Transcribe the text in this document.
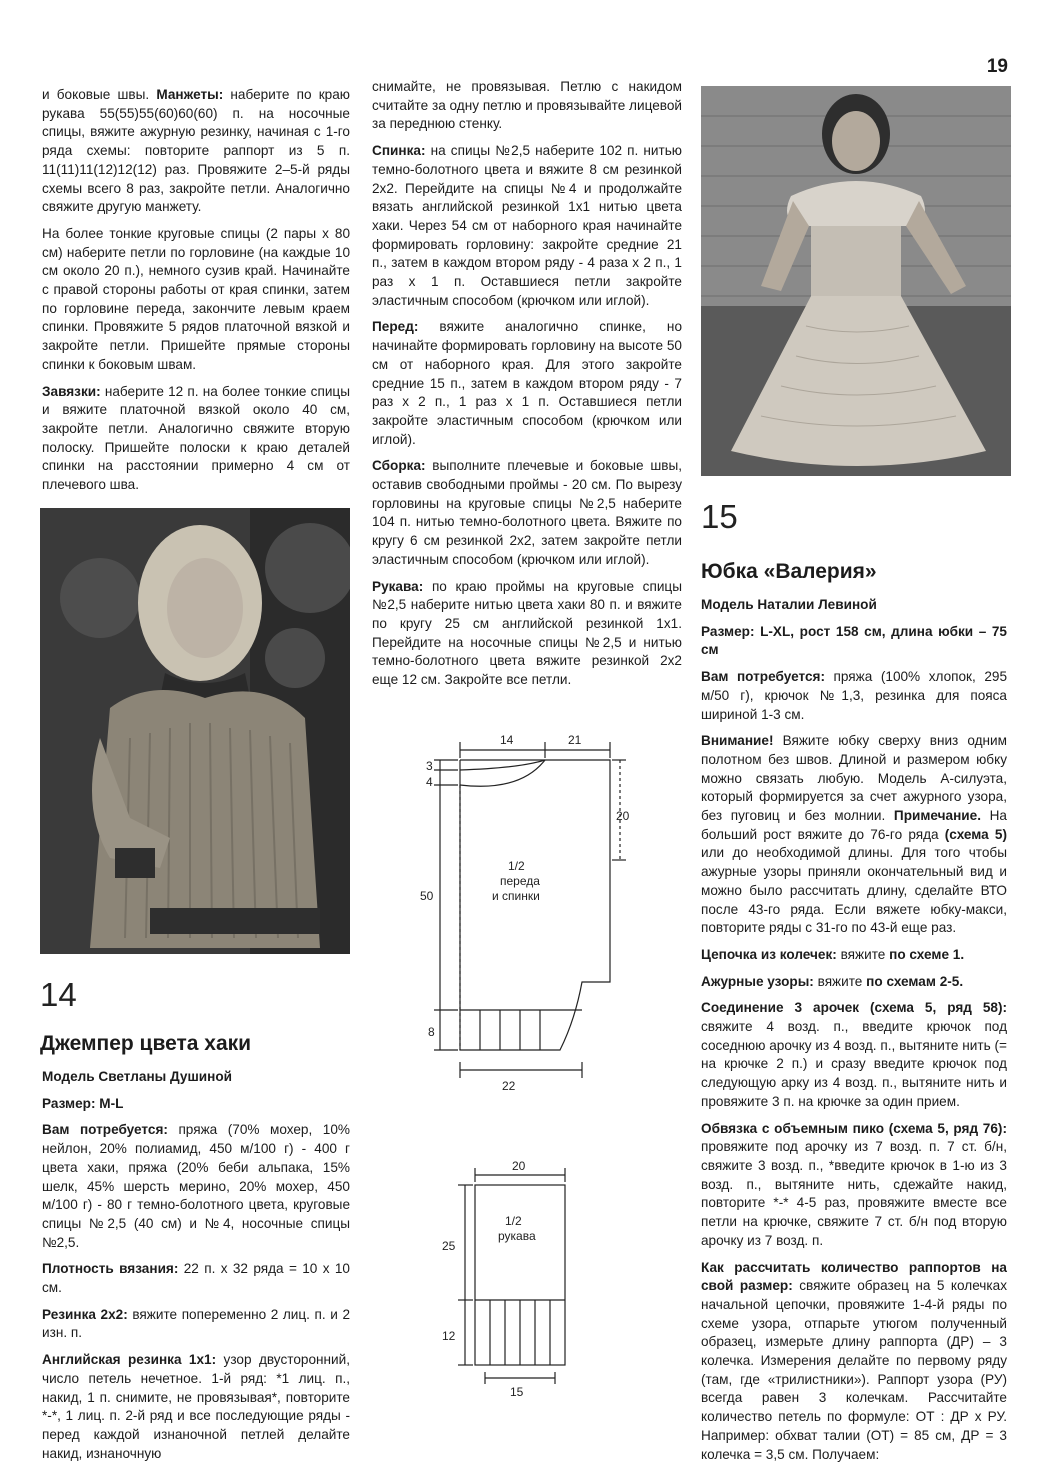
19

и боковые швы. Манжеты: наберите по краю рукава 55(55)55(60)60(60) п. на носочные спицы, вяжите ажурную резинку, начиная с 1-го ряда схемы: повторите раппорт из 5 п. 11(11)11(12)12(12) раз. Провяжите 2–5-й ряды схемы всего 8 раз, закройте петли. Аналогично свяжите другую манжету.

На более тонкие круговые спицы (2 пары х 80 см) наберите петли по горловине (на каждые 10 см около 20 п.), немного сузив край. Начинайте с правой стороны работы от края спинки, затем по горловине переда, закончите левым краем спинки. Провяжите 5 рядов платочной вязкой и закройте петли. Пришейте прямые стороны спинки к боковым швам.

Завязки: наберите 12 п. на более тонкие спицы и вяжите платочной вязкой около 40 см, закройте петли. Аналогично свяжите вторую полоску. Пришейте полоски к краю деталей спинки на расстоянии примерно 4 см от плечевого шва.

14
Джемпер цвета хаки

Модель Светланы Душиной

Размер: M-L

Вам потребуется: пряжа (70% мохер, 10% нейлон, 20% полиамид, 450 м/100 г) - 400 г цвета хаки, пряжа (20% беби альпака, 15% шелк, 45% шерсть мерино, 20% мохер, 450 м/100 г) - 80 г темно-болотного цвета, круговые спицы №2,5 (40 см) и №4, носочные спицы №2,5.

Плотность вязания: 22 п. х 32 ряда = 10 х 10 см.

Резинка 2х2: вяжите попеременно 2 лиц. п. и 2 изн. п.

Английская резинка 1х1: узор двусторонний, число петель нечетное. 1-й ряд: *1 лиц. п., накид, 1 п. снимите, не провязывая*, повторите *-*, 1 лиц. п. 2-й ряд и все последующие ряды - перед каждой изнаночной петлей делайте накид, изнаночную

снимайте, не провязывая. Петлю с накидом считайте за одну петлю и провязывайте лицевой за переднюю стенку.

Спинка: на спицы №2,5 наберите 102 п. нитью темно-болотного цвета и вяжите 8 см резинкой 2х2. Перейдите на спицы №4 и продолжайте вязать английской резинкой 1х1 нитью цвета хаки. Через 54 см от наборного края начинайте формировать горловину: закройте средние 21 п., затем в каждом втором ряду - 4 раза х 2 п., 1 раз х 1 п. Оставшиеся петли закройте эластичным способом (крючком или иглой).

Перед: вяжите аналогично спинке, но начинайте формировать горловину на высоте 50 см от наборного края. Для этого закройте средние 15 п., затем в каждом втором ряду - 7 раз х 2 п., 1 раз х 1 п. Оставшиеся петли закройте эластичным способом (крючком или иглой).

Сборка: выполните плечевые и боковые швы, оставив свободными проймы - 20 см. По вырезу горловины на круговые спицы №2,5 наберите 104 п. нитью темно-болотного цвета. Вяжите по кругу 6 см резинкой 2х2, затем закройте петли эластичным способом (крючком или иглой).

Рукава: по краю проймы на круговые спицы №2,5 наберите нитью цвета хаки 80 п. и вяжите по кругу 25 см английской резинкой 1х1. Перейдите на носочные спицы №2,5 и нитью темно-болотного цвета вяжите резинкой 2х2 еще 12 см. Закройте все петли.

14	21
3
4
20
50
8
22
1/2
переда
и спинки
20
25
12
15
1/2
рукава
15
Юбка «Валерия»

Модель Наталии Левиной

Размер: L-XL, рост 158 см, длина юбки – 75 см

Вам потребуется: пряжа (100% хлопок, 295 м/50 г), крючок №1,3, резинка для пояса шириной 1-3 см.

Внимание! Вяжите юбку сверху вниз одним полотном без швов. Длиной и размером юбку можно связать любую. Модель А-силуэта, который формируется за счет ажурного узора, без пуговиц и без молнии. Примечание. На больший рост вяжите до 76-го ряда (схема 5) или до необходимой длины. Для того чтобы ажурные узоры приняли окончательный вид и можно было рассчитать длину, сделайте ВТО после 43-го ряда. Если вяжете юбку-макси, повторите ряды с 31-го по 43-й еще раз.

Цепочка из колечек: вяжите по схеме 1.

Ажурные узоры: вяжите по схемам 2-5.

Соединение 3 арочек (схема 5, ряд 58): свяжите 4 возд. п., введите крючок под соседнюю арочку из 4 возд. п., вытяните нить (= на крючке 2 п.) и сразу введите крючок под следующую арку из 4 возд. п., вытяните нить и провяжите 3 п. на крючке за один прием.

Обвязка с объемным пико (схема 5, ряд 76): провяжите под арочку из 7 возд. п. 7 ст. б/н, свяжите 3 возд. п., *введите крючок в 1-ю из 3 возд. п., вытяните нить, сдежайте накид, повторите *-* 4-5 раз, провяжите вместе все петли на крючке, свяжите 7 ст. б/н под вторую арочку из 7 возд. п.

Как рассчитать количество раппортов на свой размер: свяжите образец на 5 колечках начальной цепочки, провяжите 1-4-й ряды по схеме узора, отпарьте утюгом полученный образец, измерьте длину раппорта (ДР) – 3 колечка. Измерения делайте по первому ряду (там, где «трилистники»). Раппорт узора (РУ) всегда равен 3 колечкам. Рассчитайте количество петель по формуле: ОТ : ДР х РУ. Например: обхват талии (ОТ) = 85 см, ДР = 3 колечка = 3,5 см. Получаем:
